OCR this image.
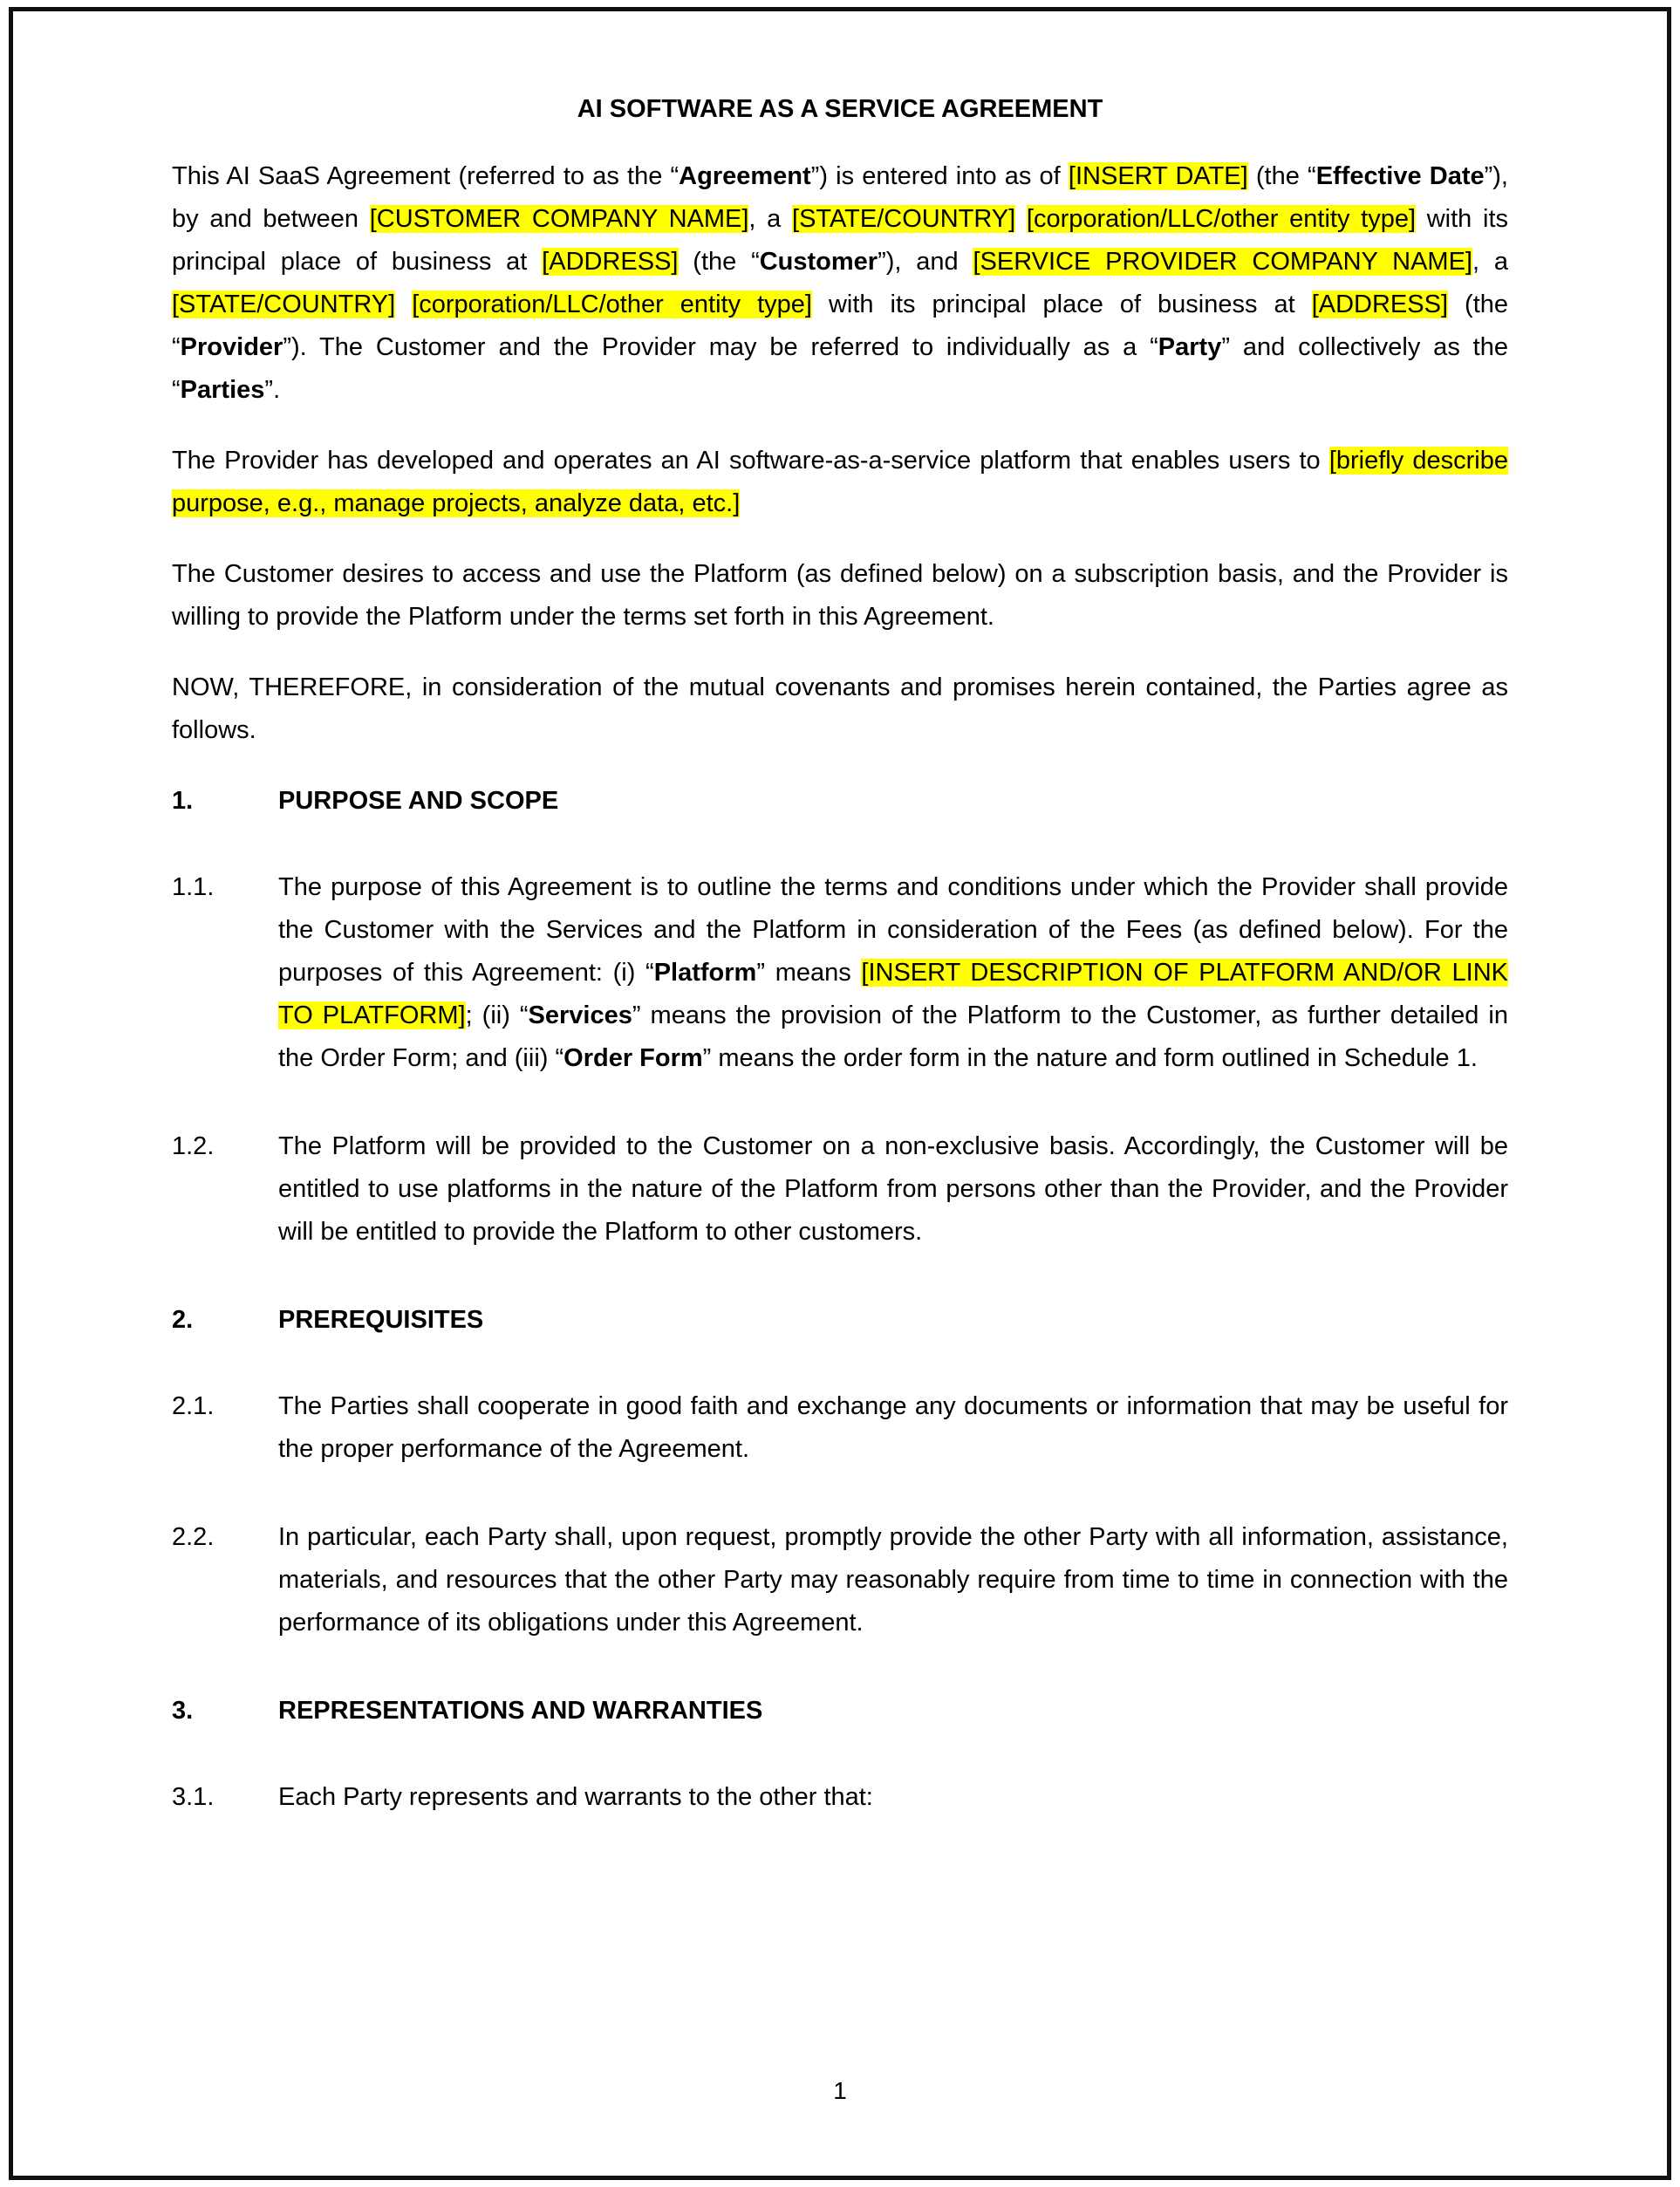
AI SOFTWARE AS A SERVICE AGREEMENT

This AI SaaS Agreement (referred to as the “Agreement”) is entered into as of [INSERT DATE] (the “Effective Date”), by and between [CUSTOMER COMPANY NAME], a [STATE/COUNTRY] [corporation/LLC/other entity type] with its principal place of business at [ADDRESS] (the “Customer”), and [SERVICE PROVIDER COMPANY NAME], a [STATE/COUNTRY] [corporation/LLC/other entity type] with its principal place of business at [ADDRESS] (the “Provider”). The Customer and the Provider may be referred to individually as a “Party” and collectively as the “Parties”.

The Provider has developed and operates an AI software-as-a-service platform that enables users to [briefly describe purpose, e.g., manage projects, analyze data, etc.]

The Customer desires to access and use the Platform (as defined below) on a subscription basis, and the Provider is willing to provide the Platform under the terms set forth in this Agreement.

NOW, THEREFORE, in consideration of the mutual covenants and promises herein contained, the Parties agree as follows.

1.	PURPOSE AND SCOPE
1.1.	The purpose of this Agreement is to outline the terms and conditions under which the Provider shall provide the Customer with the Services and the Platform in consideration of the Fees (as defined below). For the purposes of this Agreement: (i) “Platform” means [INSERT DESCRIPTION OF PLATFORM AND/OR LINK TO PLATFORM]; (ii) “Services” means the provision of the Platform to the Customer, as further detailed in the Order Form; and (iii) “Order Form” means the order form in the nature and form outlined in Schedule 1.

1.2.	The Platform will be provided to the Customer on a non-exclusive basis. Accordingly, the Customer will be entitled to use platforms in the nature of the Platform from persons other than the Provider, and the Provider will be entitled to provide the Platform to other customers.

2.	PREREQUISITES
2.1.	The Parties shall cooperate in good faith and exchange any documents or information that may be useful for the proper performance of the Agreement.

2.2.	In particular, each Party shall, upon request, promptly provide the other Party with all information, assistance, materials, and resources that the other Party may reasonably require from time to time in connection with the performance of its obligations under this Agreement.

3.	REPRESENTATIONS AND WARRANTIES
3.1.	Each Party represents and warrants to the other that:

1
